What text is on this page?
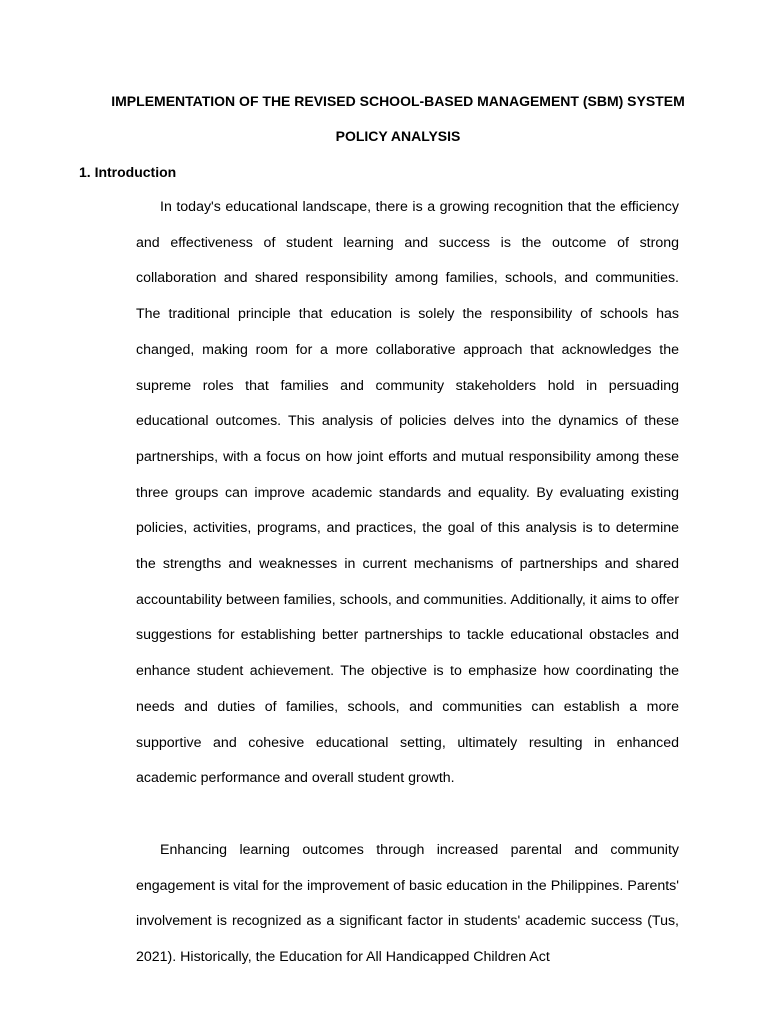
IMPLEMENTATION OF THE REVISED SCHOOL-BASED MANAGEMENT (SBM) SYSTEM

POLICY ANALYSIS

1. Introduction

In today's educational landscape, there is a growing recognition that the efficiency and effectiveness of student learning and success is the outcome of strong collaboration and shared responsibility among families, schools, and communities. The traditional principle that education is solely the responsibility of schools has changed, making room for a more collaborative approach that acknowledges the supreme roles that families and community stakeholders hold in persuading educational outcomes. This analysis of policies delves into the dynamics of these partnerships, with a focus on how joint efforts and mutual responsibility among these three groups can improve academic standards and equality. By evaluating existing policies, activities, programs, and practices, the goal of this analysis is to determine the strengths and weaknesses in current mechanisms of partnerships and shared accountability between families, schools, and communities. Additionally, it aims to offer suggestions for establishing better partnerships to tackle educational obstacles and enhance student achievement. The objective is to emphasize how coordinating the needs and duties of families, schools, and communities can establish a more supportive and cohesive educational setting, ultimately resulting in enhanced academic performance and overall student growth.

Enhancing learning outcomes through increased parental and community engagement is vital for the improvement of basic education in the Philippines. Parents' involvement is recognized as a significant factor in students' academic success (Tus, 2021). Historically, the Education for All Handicapped Children Act
